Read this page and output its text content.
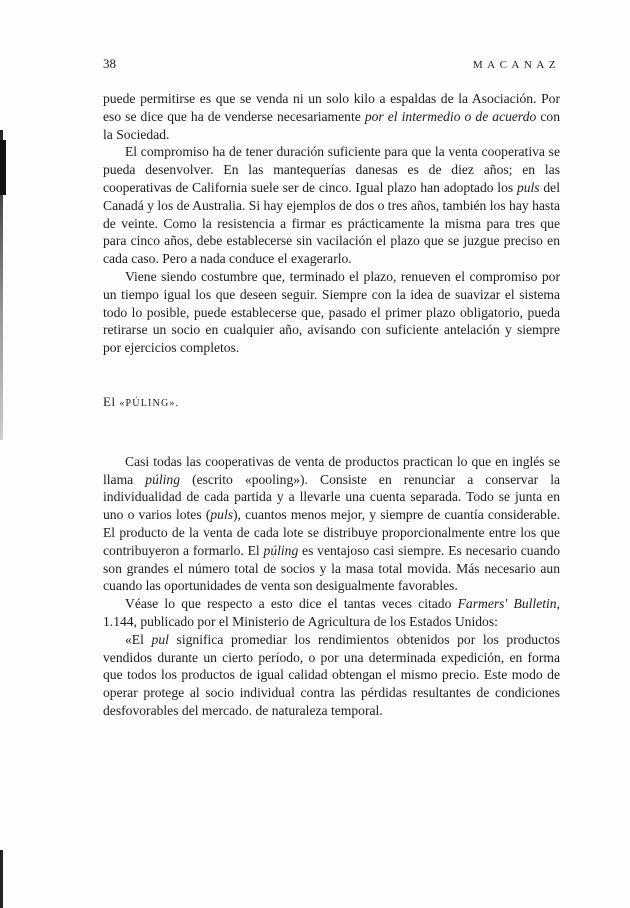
38	MACANAZ

puede permitirse es que se venda ni un solo kilo a espaldas de la Asociación. Por eso se dice que ha de venderse necesariamente por el intermedio o de acuerdo con la Sociedad.

El compromiso ha de tener duración suficiente para que la venta cooperativa se pueda desenvolver. En las mantequerías danesas es de diez años; en las cooperativas de California suele ser de cinco. Igual plazo han adoptado los puls del Canadá y los de Australia. Si hay ejemplos de dos o tres años, también los hay hasta de veinte. Como la resistencia a firmar es prácticamente la misma para tres que para cinco años, debe establecerse sin vacilación el plazo que se juzgue preciso en cada caso. Pero a nada conduce el exagerarlo.

Viene siendo costumbre que, terminado el plazo, renueven el compromiso por un tiempo igual los que deseen seguir. Siempre con la idea de suavizar el sistema todo lo posible, puede establecerse que, pasado el primer plazo obligatorio, pueda retirarse un socio en cualquier año, avisando con suficiente antelación y siempre por ejercicios completos.

El «PÚLING».

Casi todas las cooperativas de venta de productos practican lo que en inglés se llama púling (escrito «pooling»). Consiste en renunciar a conservar la individualidad de cada partida y a llevarle una cuenta separada. Todo se junta en uno o varios lotes (puls), cuantos menos mejor, y siempre de cuantía considerable. El producto de la venta de cada lote se distribuye proporcionalmente entre los que contribuyeron a formarlo. El púling es ventajoso casi siempre. Es necesario cuando son grandes el número total de socios y la masa total movida. Más necesario aun cuando las oportunidades de venta son desigualmente favorables.

Véase lo que respecto a esto dice el tantas veces citado Farmers' Bulletin, 1.144, publicado por el Ministerio de Agricultura de los Estados Unidos:

«El pul significa promediar los rendimientos obtenidos por los productos vendidos durante un cierto período, o por una determinada expedición, en forma que todos los productos de igual calidad obtengan el mismo precio. Este modo de operar protege al socio individual contra las pérdidas resultantes de condiciones desfovorables del mercado. de naturaleza temporal.
